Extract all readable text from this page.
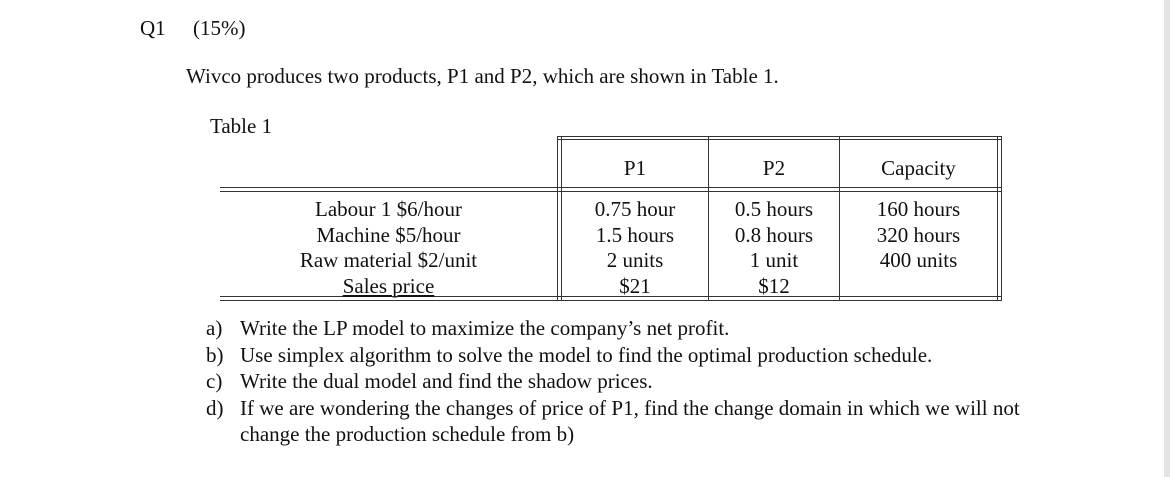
Q1 (15%)
Wivco produces two products, P1 and P2, which are shown in Table 1.
Table 1
P1	P2	Capacity
Labour 1 $6/hour
Machine $5/hour
Raw material $2/unit
Sales price
0.75 hour
1.5 hours
2 units
$21
0.5 hours
0.8 hours
1 unit
$12
160 hours
320 hours
400 units
a) Write the LP model to maximize the company’s net profit.
b) Use simplex algorithm to solve the model to find the optimal production schedule.
c) Write the dual model and find the shadow prices.
d) If we are wondering the changes of price of P1, find the change domain in which we will not change the production schedule from b)
